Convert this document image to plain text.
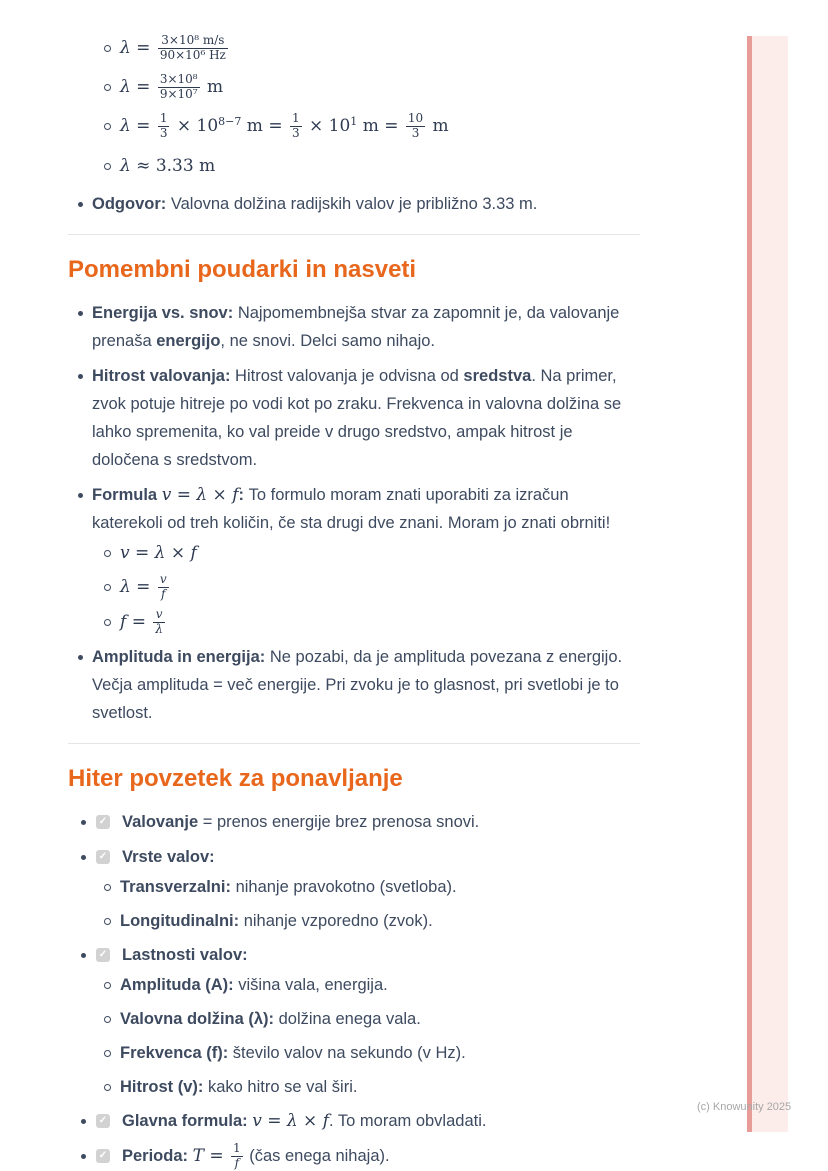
(c) Knowunity 2025
$\lambda = \frac{\text{3×10⁸ m/s}}{\text{90×10⁶ Hz}}$
$\lambda = \frac{\text{3×10⁸}}{\text{9×10⁷}}$ m
$\lambda = \frac{1}{3} \times 10^{8-7}$ $m = \frac{1}{3} \times 10^1$ $m = \frac{10}{3}$ m
λ ≈ 3.33 m
Odgovor: Valovna dolžina radijskih valov je približno 3.33 m.
Pomembni poudarki in nasveti
Energija vs. snov: Najpomembnejša stvar za zapomnit je, da valovanje prenaša energijo, ne snovi. Delci samo nihajo.
Hitrost valovanja: Hitrost valovanja je odvisna od sredstva. Na primer, zvok potuje hitreje po vodi kot po zraku. Frekvenca in valovna dolžina se lahko spremenita, ko val preide v drugo sredstvo, ampak hitrost je določena s sredstvom.
Formula v = λ × f: To formulo moram znati uporabiti za izračun katerekoli od treh količin, če sta drugi dve znani. Moram jo znati obrniti!
v = λ × f
$\lambda = \frac{v}{f}$
$f = \frac{v}{\lambda}$
Amplituda in energija: Ne pozabi, da je amplituda povezana z energijo. Večja amplituda = več energije. Pri zvoku je to glasnost, pri svetlobi je to svetlost.
Hiter povzetek za ponavljanje
✓ Valovanje = prenos energije brez prenosa snovi.
✓ Vrste valov:
Transverzalni: nihanje pravokotno (svetloba).
Longitudinalni: nihanje vzporedno (zvok).
✓ Lastnosti valov:
Amplituda (A): višina vala, energija.
Valovna dolžina (λ): dolžina enega vala.
Frekvenca (f): število valov na sekundo (v Hz).
Hitrost (v): kako hitro se val širi.
✓ Glavna formula: v = λ × f. To moram obvladati.
✓ Perioda: $T = \frac{1}{f}$ (čas enega nihaja).
